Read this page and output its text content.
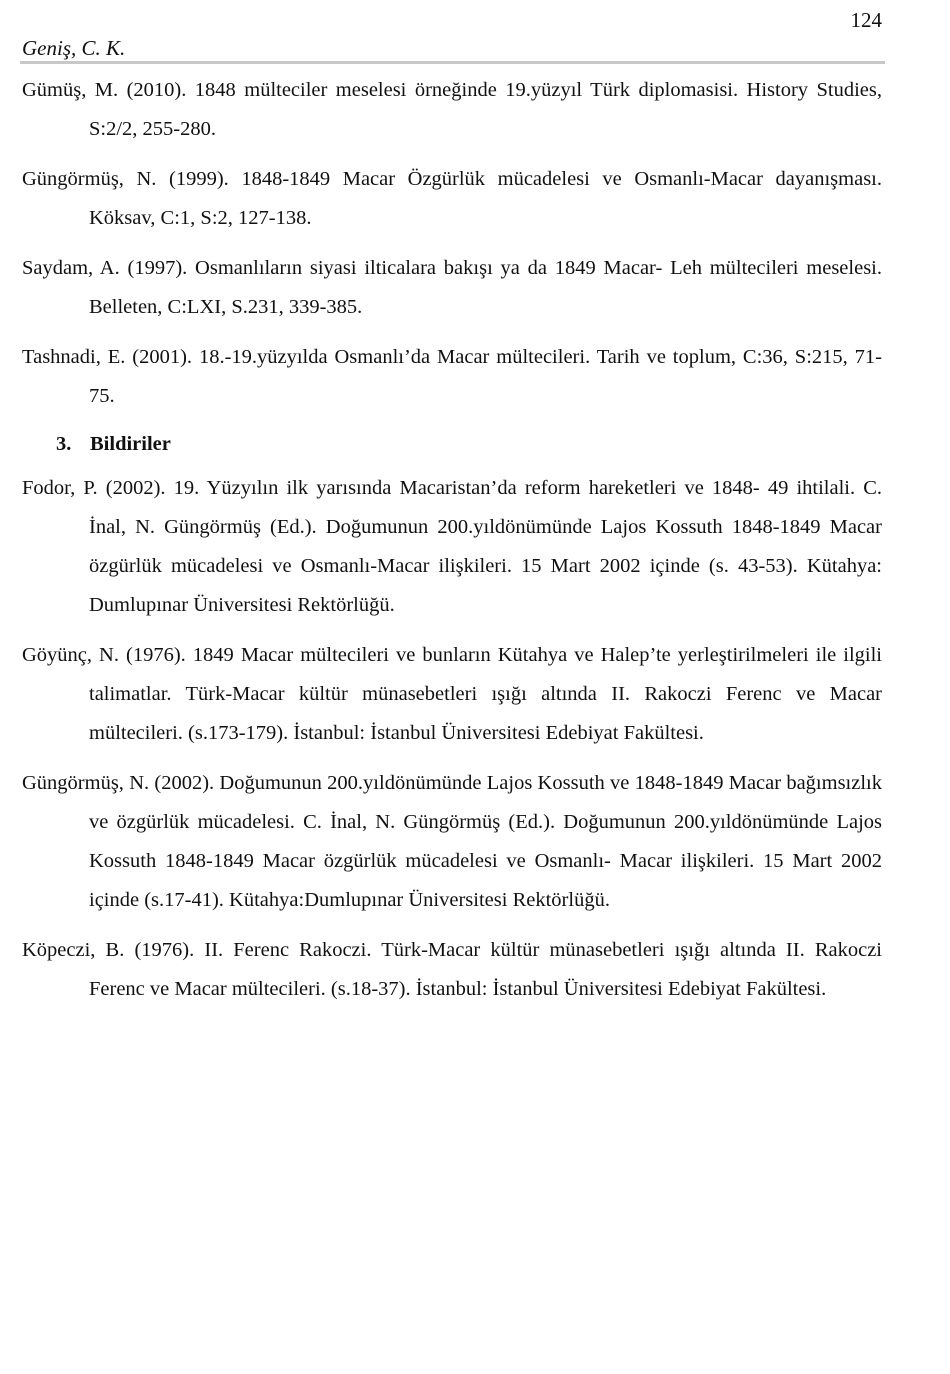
124
Geniş, C. K.

Gümüş, M. (2010). 1848 mülteciler meselesi örneğinde 19.yüzyıl Türk diplomasisi. History Studies, S:2/2, 255-280.

Güngörmüş, N. (1999). 1848-1849 Macar Özgürlük mücadelesi ve Osmanlı-Macar dayanışması. Köksav, C:1, S:2, 127-138.

Saydam, A. (1997). Osmanlıların siyasi ilticalara bakışı ya da 1849 Macar- Leh mültecileri meselesi. Belleten, C:LXI, S.231, 339-385.

Tashnadi, E. (2001). 18.-19.yüzyılda Osmanlı’da Macar mültecileri. Tarih ve toplum, C:36, S:215, 71-75.

3. Bildiriler

Fodor, P. (2002). 19. Yüzyılın ilk yarısında Macaristan’da reform hareketleri ve 1848- 49 ihtilali. C. İnal, N. Güngörmüş (Ed.). Doğumunun 200.yıldönümünde Lajos Kossuth 1848-1849 Macar özgürlük mücadelesi ve Osmanlı-Macar ilişkileri. 15 Mart 2002 içinde (s. 43-53). Kütahya: Dumlupınar Üniversitesi Rektörlüğü.

Göyünç, N. (1976). 1849 Macar mültecileri ve bunların Kütahya ve Halep’te yerleştirilmeleri ile ilgili talimatlar. Türk-Macar kültür münasebetleri ışığı altında II. Rakoczi Ferenc ve Macar mültecileri. (s.173-179). İstanbul: İstanbul Üniversitesi Edebiyat Fakültesi.

Güngörmüş, N. (2002). Doğumunun 200.yıldönümünde Lajos Kossuth ve 1848-1849 Macar bağımsızlık ve özgürlük mücadelesi. C. İnal, N. Güngörmüş (Ed.). Doğumunun 200.yıldönümünde Lajos Kossuth 1848-1849 Macar özgürlük mücadelesi ve Osmanlı- Macar ilişkileri. 15 Mart 2002 içinde (s.17-41). Kütahya:Dumlupınar Üniversitesi Rektörlüğü.

Köpeczi, B. (1976). II. Ferenc Rakoczi. Türk-Macar kültür münasebetleri ışığı altında II. Rakoczi Ferenc ve Macar mültecileri. (s.18-37). İstanbul: İstanbul Üniversitesi Edebiyat Fakültesi.
